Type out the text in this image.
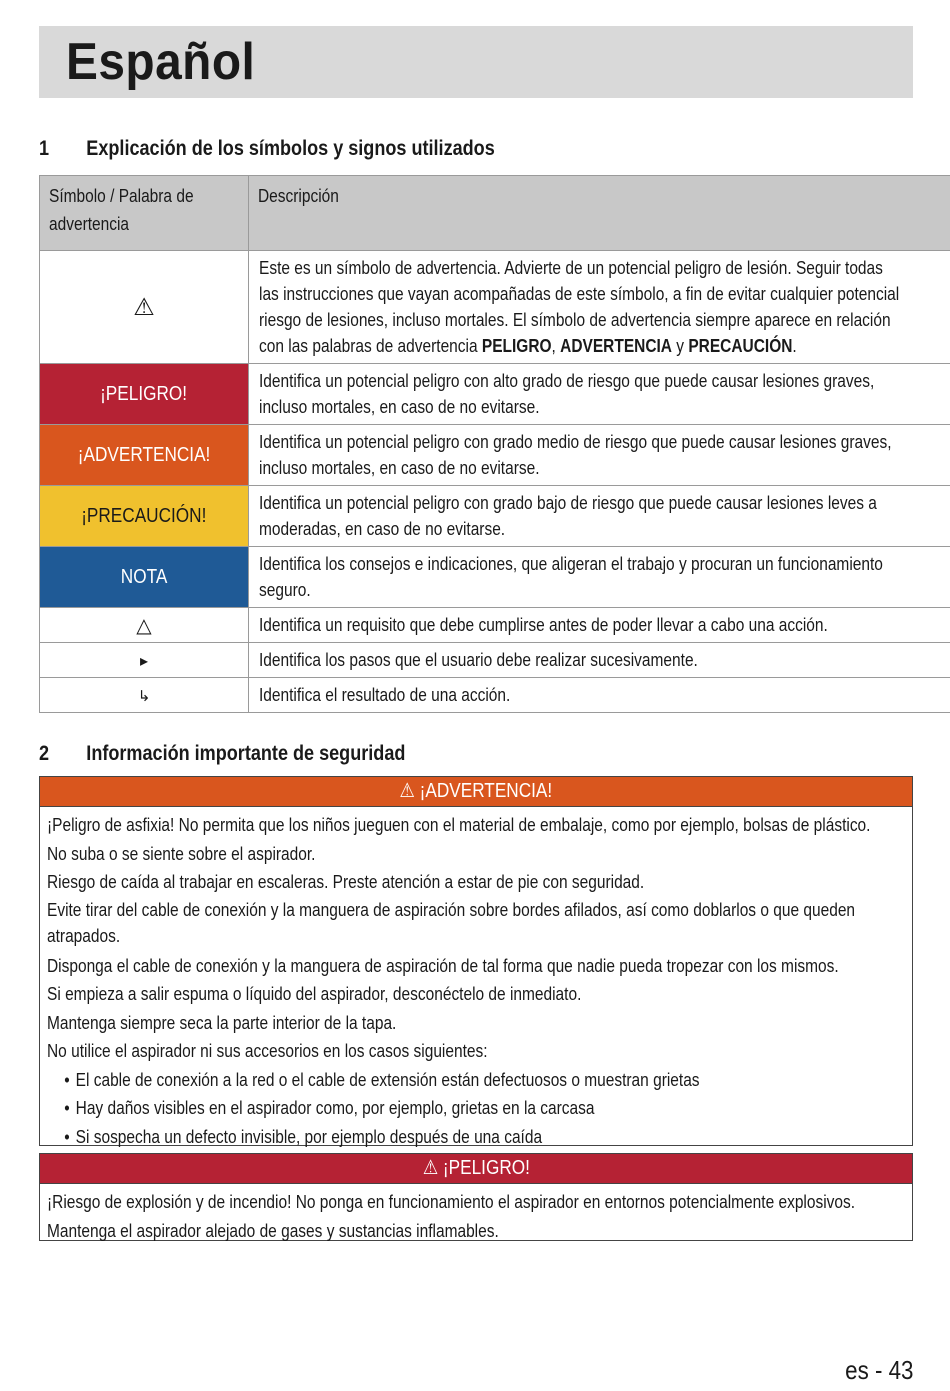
Español
1 Explicación de los símbolos y signos utilizados
Símbolo / Palabra de advertencia	Descripción

⚠	Este es un símbolo de advertencia. Advierte de un potencial peligro de lesión. Seguir todas las instrucciones que vayan acompañadas de este símbolo, a fin de evitar cualquier potencial riesgo de lesiones, incluso mortales. El símbolo de advertencia siempre aparece en relación con las palabras de advertencia PELIGRO, ADVERTENCIA y PRECAUCIÓN.

¡PELIGRO!	Identifica un potencial peligro con alto grado de riesgo que puede causar lesiones graves, incluso mortales, en caso de no evitarse.

¡ADVERTENCIA!	Identifica un potencial peligro con grado medio de riesgo que puede causar lesiones graves, incluso mortales, en caso de no evitarse.

¡PRECAUCIÓN!	Identifica un potencial peligro con grado bajo de riesgo que puede causar lesiones leves a moderadas, en caso de no evitarse.

NOTA	Identifica los consejos e indicaciones, que aligeran el trabajo y procuran un funcionamiento seguro.

△	Identifica un requisito que debe cumplirse antes de poder llevar a cabo una acción.

▸	Identifica los pasos que el usuario debe realizar sucesivamente.

↳	Identifica el resultado de una acción.
2 Información importante de seguridad
⚠ ¡ADVERTENCIA!
¡Peligro de asfixia! No permita que los niños jueguen con el material de embalaje, como por ejemplo, bolsas de plástico.
No suba o se siente sobre el aspirador.
Riesgo de caída al trabajar en escaleras. Preste atención a estar de pie con seguridad.
Evite tirar del cable de conexión y la manguera de aspiración sobre bordes afilados, así como doblarlos o que queden atrapados.
Disponga el cable de conexión y la manguera de aspiración de tal forma que nadie pueda tropezar con los mismos.
Si empieza a salir espuma o líquido del aspirador, desconéctelo de inmediato.
Mantenga siempre seca la parte interior de la tapa.
No utilice el aspirador ni sus accesorios en los casos siguientes:
• El cable de conexión a la red o el cable de extensión están defectuosos o muestran grietas
• Hay daños visibles en el aspirador como, por ejemplo, grietas en la carcasa
• Si sospecha un defecto invisible, por ejemplo después de una caída
⚠ ¡PELIGRO!
¡Riesgo de explosión y de incendio! No ponga en funcionamiento el aspirador en entornos potencialmente explosivos.
Mantenga el aspirador alejado de gases y sustancias inflamables.
es - 43
